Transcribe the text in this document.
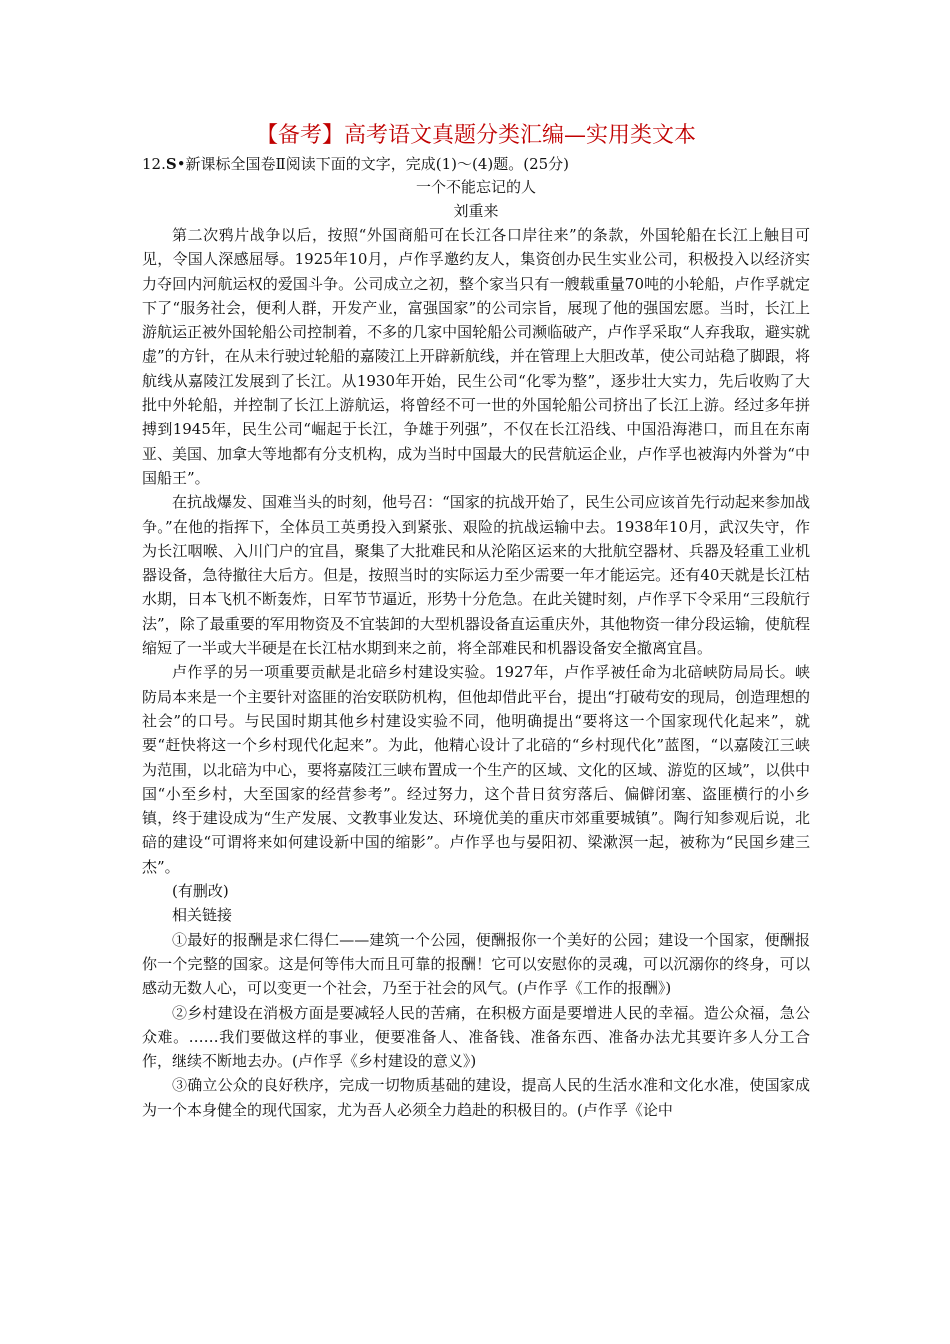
【备考】高考语文真题分类汇编—实用类文本

12.S•新课标全国卷Ⅱ阅读下面的文字，完成(1)～(4)题。(25分)

一个不能忘记的人

刘重来

第二次鸦片战争以后，按照“外国商船可在长江各口岸往来”的条款，外国轮船在长江上触目可见，令国人深感屈辱。1925年10月，卢作孚邀约友人，集资创办民生实业公司，积极投入以经济实力夺回内河航运权的爱国斗争。公司成立之初，整个家当只有一艘载重量70吨的小轮船，卢作孚就定下了“服务社会，便利人群，开发产业，富强国家”的公司宗旨，展现了他的强国宏愿。当时，长江上游航运正被外国轮船公司控制着，不多的几家中国轮船公司濒临破产，卢作孚采取“人弃我取，避实就虚”的方针，在从未行驶过轮船的嘉陵江上开辟新航线，并在管理上大胆改革，使公司站稳了脚跟，将航线从嘉陵江发展到了长江。从1930年开始，民生公司“化零为整”，逐步壮大实力，先后收购了大批中外轮船，并控制了长江上游航运，将曾经不可一世的外国轮船公司挤出了长江上游。经过多年拼搏到1945年，民生公司“崛起于长江，争雄于列强”，不仅在长江沿线、中国沿海港口，而且在东南亚、美国、加拿大等地都有分支机构，成为当时中国最大的民营航运企业，卢作孚也被海内外誉为“中国船王”。

在抗战爆发、国难当头的时刻，他号召：“国家的抗战开始了，民生公司应该首先行动起来参加战争。”在他的指挥下，全体员工英勇投入到紧张、艰险的抗战运输中去。1938年10月，武汉失守，作为长江咽喉、入川门户的宜昌，聚集了大批难民和从沦陷区运来的大批航空器材、兵器及轻重工业机器设备，急待撤往大后方。但是，按照当时的实际运力至少需要一年才能运完。还有40天就是长江枯水期，日本飞机不断轰炸，日军节节逼近，形势十分危急。在此关键时刻，卢作孚下令采用“三段航行法”，除了最重要的军用物资及不宜装卸的大型机器设备直运重庆外，其他物资一律分段运输，使航程缩短了一半或大半硬是在长江枯水期到来之前，将全部难民和机器设备安全撤离宜昌。

卢作孚的另一项重要贡献是北碚乡村建设实验。1927年，卢作孚被任命为北碚峡防局局长。峡防局本来是一个主要针对盗匪的治安联防机构，但他却借此平台，提出“打破苟安的现局，创造理想的社会”的口号。与民国时期其他乡村建设实验不同，他明确提出“要将这一个国家现代化起来”，就要“赶快将这一个乡村现代化起来”。为此，他精心设计了北碚的“乡村现代化”蓝图，“以嘉陵江三峡为范围，以北碚为中心，要将嘉陵江三峡布置成一个生产的区域、文化的区域、游览的区域”，以供中国“小至乡村，大至国家的经营参考”。经过努力，这个昔日贫穷落后、偏僻闭塞、盗匪横行的小乡镇，终于建设成为“生产发展、文教事业发达、环境优美的重庆市郊重要城镇”。陶行知参观后说，北碚的建设“可谓将来如何建设新中国的缩影”。卢作孚也与晏阳初、梁漱溟一起，被称为“民国乡建三杰”。

(有删改)

相关链接

①最好的报酬是求仁得仁——建筑一个公园，便酬报你一个美好的公园；建设一个国家，便酬报你一个完整的国家。这是何等伟大而且可靠的报酬！它可以安慰你的灵魂，可以沉溺你的终身，可以感动无数人心，可以变更一个社会，乃至于社会的风气。(卢作孚《工作的报酬》)

②乡村建设在消极方面是要减轻人民的苦痛，在积极方面是要增进人民的幸福。造公众福，急公众难。……我们要做这样的事业，便要准备人、准备钱、准备东西、准备办法尤其要许多人分工合作，继续不断地去办。(卢作孚《乡村建设的意义》)

③确立公众的良好秩序，完成一切物质基础的建设，提高人民的生活水准和文化水准，使国家成为一个本身健全的现代国家，尤为吾人必须全力趋赴的积极目的。(卢作孚《论中
